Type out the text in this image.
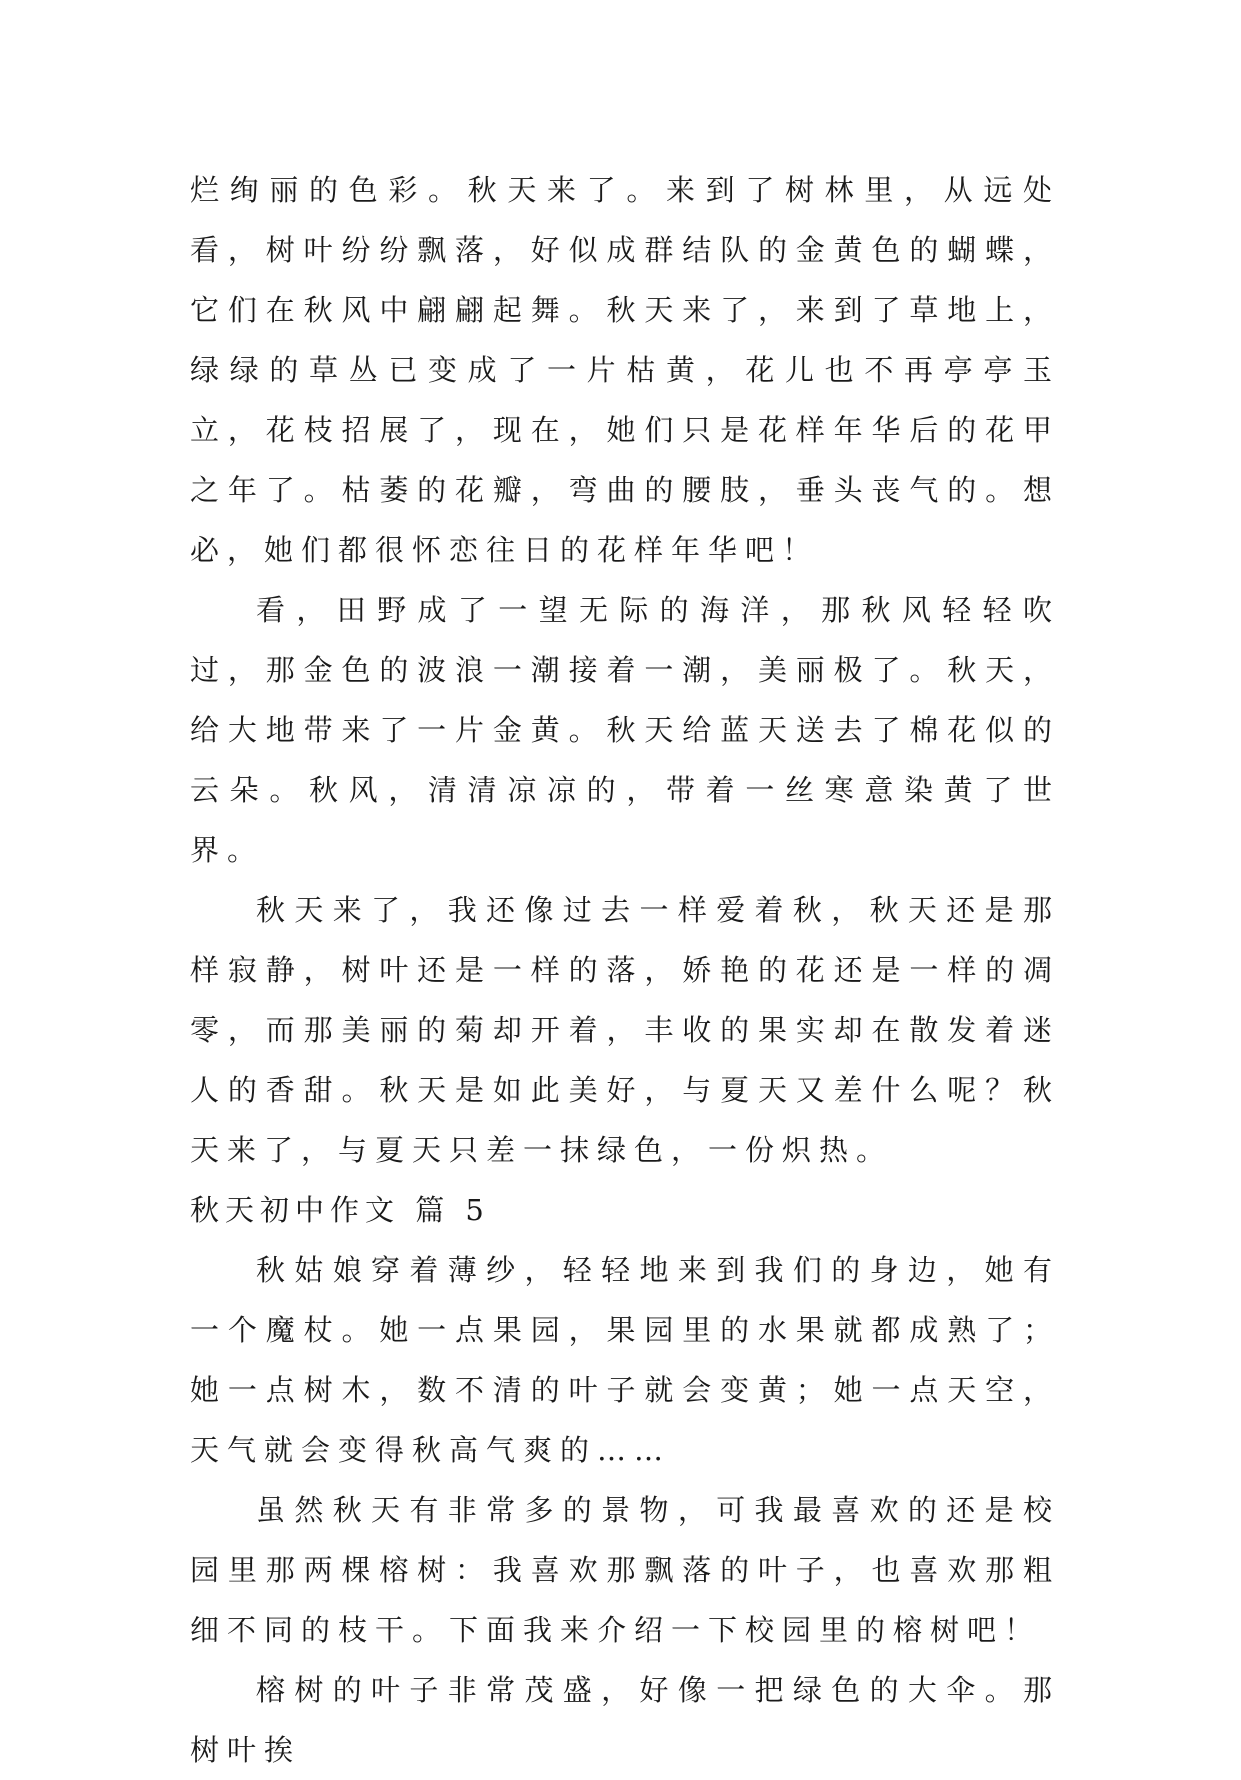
烂绚丽的色彩。秋天来了。来到了树林里，从远处看，树叶纷纷飘落，好似成群结队的金黄色的蝴蝶，它们在秋风中翩翩起舞。秋天来了，来到了草地上，绿绿的草丛已变成了一片枯黄，花儿也不再亭亭玉立，花枝招展了，现在，她们只是花样年华后的花甲之年了。枯萎的花瓣，弯曲的腰肢，垂头丧气的。想必，她们都很怀恋往日的花样年华吧！

看，田野成了一望无际的海洋，那秋风轻轻吹过，那金色的波浪一潮接着一潮，美丽极了。秋天，给大地带来了一片金黄。秋天给蓝天送去了棉花似的云朵。秋风，清清凉凉的，带着一丝寒意染黄了世界。

秋天来了，我还像过去一样爱着秋，秋天还是那样寂静，树叶还是一样的落，娇艳的花还是一样的凋零，而那美丽的菊却开着，丰收的果实却在散发着迷人的香甜。秋天是如此美好，与夏天又差什么呢？秋天来了，与夏天只差一抹绿色，一份炽热。

秋天初中作文 篇 5

秋姑娘穿着薄纱，轻轻地来到我们的身边，她有一个魔杖。她一点果园，果园里的水果就都成熟了；她一点树木，数不清的叶子就会变黄；她一点天空，天气就会变得秋高气爽的……

虽然秋天有非常多的景物，可我最喜欢的还是校园里那两棵榕树：我喜欢那飘落的叶子，也喜欢那粗细不同的枝干。下面我来介绍一下校园里的榕树吧！

榕树的叶子非常茂盛，好像一把绿色的大伞。那树叶挨
